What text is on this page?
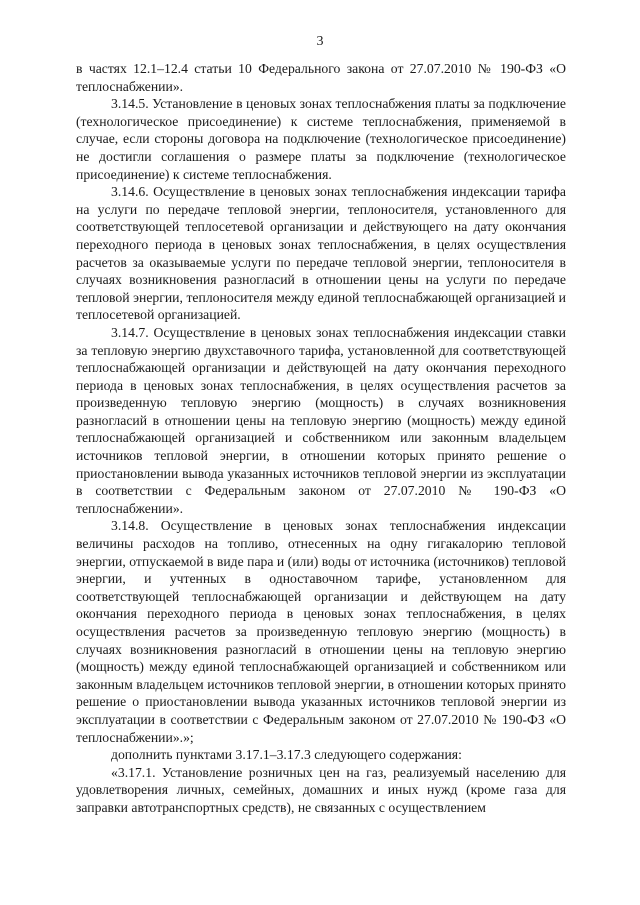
3

в частях 12.1–12.4 статьи 10 Федерального закона от 27.07.2010 № 190-ФЗ «О теплоснабжении».

3.14.5. Установление в ценовых зонах теплоснабжения платы за подключение (технологическое присоединение) к системе теплоснабжения, применяемой в случае, если стороны договора на подключение (технологическое присоединение) не достигли соглашения о размере платы за подключение (технологическое присоединение) к системе теплоснабжения.

3.14.6. Осуществление в ценовых зонах теплоснабжения индексации тарифа на услуги по передаче тепловой энергии, теплоносителя, установленного для соответствующей теплосетевой организации и действующего на дату окончания переходного периода в ценовых зонах теплоснабжения, в целях осуществления расчетов за оказываемые услуги по передаче тепловой энергии, теплоносителя в случаях возникновения разногласий в отношении цены на услуги по передаче тепловой энергии, теплоносителя между единой теплоснабжающей организацией и теплосетевой организацией.

3.14.7. Осуществление в ценовых зонах теплоснабжения индексации ставки за тепловую энергию двухставочного тарифа, установленной для соответствующей теплоснабжающей организации и действующей на дату окончания переходного периода в ценовых зонах теплоснабжения, в целях осуществления расчетов за произведенную тепловую энергию (мощность) в случаях возникновения разногласий в отношении цены на тепловую энергию (мощность) между единой теплоснабжающей организацией и собственником или законным владельцем источников тепловой энергии, в отношении которых принято решение о приостановлении вывода указанных источников тепловой энергии из эксплуатации в соответствии с Федеральным законом от 27.07.2010 № 190-ФЗ «О теплоснабжении».

3.14.8. Осуществление в ценовых зонах теплоснабжения индексации величины расходов на топливо, отнесенных на одну гигакалорию тепловой энергии, отпускаемой в виде пара и (или) воды от источника (источников) тепловой энергии, и учтенных в одноставочном тарифе, установленном для соответствующей теплоснабжающей организации и действующем на дату окончания переходного периода в ценовых зонах теплоснабжения, в целях осуществления расчетов за произведенную тепловую энергию (мощность) в случаях возникновения разногласий в отношении цены на тепловую энергию (мощность) между единой теплоснабжающей организацией и собственником или законным владельцем источников тепловой энергии, в отношении которых принято решение о приостановлении вывода указанных источников тепловой энергии из эксплуатации в соответствии с Федеральным законом от 27.07.2010 № 190-ФЗ «О теплоснабжении».»;

дополнить пунктами 3.17.1–3.17.3 следующего содержания:

«3.17.1. Установление розничных цен на газ, реализуемый населению для удовлетворения личных, семейных, домашних и иных нужд (кроме газа для заправки автотранспортных средств), не связанных с осуществлением
